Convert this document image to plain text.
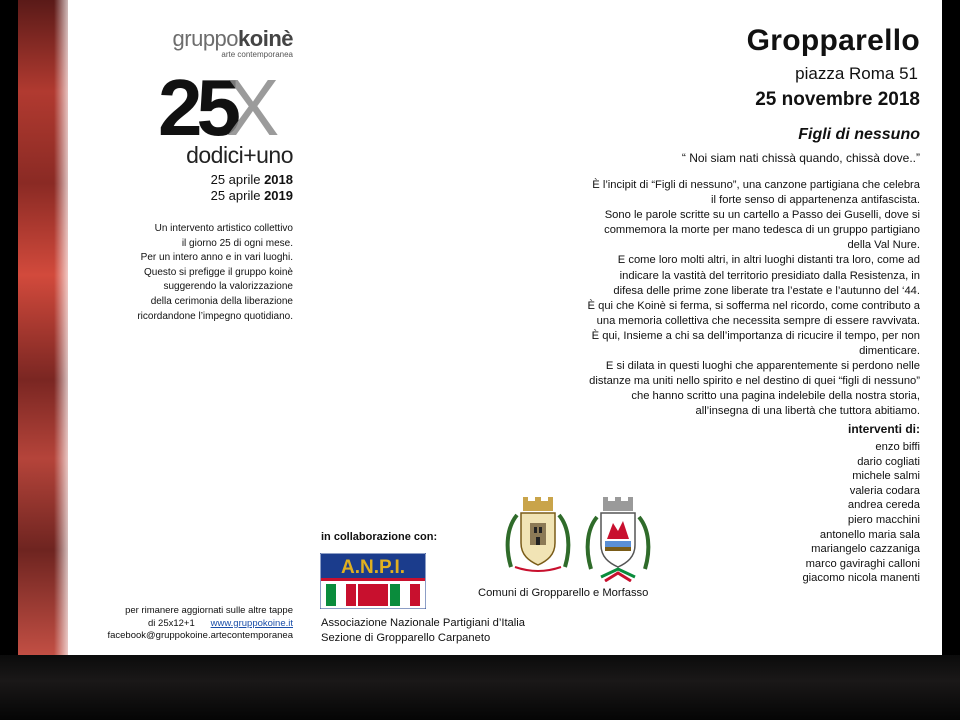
gruppokoinè
arte contemporanea
25
X
dodici+uno
25 aprile 2018
25 aprile 2019
Un intervento artistico collettivo
il giorno 25 di ogni mese.
Per un intero anno e in vari luoghi.
Questo si prefigge il gruppo koinè
suggerendo la valorizzazione
della cerimonia della liberazione
ricordandone l’impegno quotidiano.
per rimanere aggiornati sulle altre tappe
di 25x12+1 www.gruppokoine.it
facebook@gruppokoine.artecontemporanea
Gropparello
piazza Roma 51
25 novembre 2018
Figli di nessuno
“ Noi siam nati chissà quando, chissà dove..”
È l’incipit di “Figli di nessuno”, una canzone partigiana che celebra
il forte senso di appartenenza antifascista.
Sono le parole scritte su un cartello a Passo dei Guselli, dove si
commemora la morte per mano tedesca di un gruppo partigiano
della Val Nure.
E come loro molti altri, in altri luoghi distanti tra loro, come ad
indicare la vastità del territorio presidiato dalla Resistenza, in
difesa delle prime zone liberate tra l’estate e l’autunno del ‘44.
È qui che Koinè si ferma, si sofferma nel ricordo, come contributo a
una memoria collettiva che necessita sempre di essere ravvivata.
È qui, Insieme a chi sa dell’importanza di ricucire il tempo, per non
dimenticare.
E si dilata in questi luoghi che apparentemente si perdono nelle
distanze ma uniti nello spirito e nel destino di quei “figli di nessuno”
che hanno scritto una pagina indelebile della nostra storia,
all’insegna di una libertà che tuttora abitiamo.
interventi di:
enzo biffi
dario cogliati
michele salmi
valeria codara
andrea cereda
piero macchini
antonello maria sala
mariangelo cazzaniga
marco gaviraghi calloni
giacomo nicola manenti
in collaborazione con:
A.N.P.I.
Associazione Nazionale Partigiani d’Italia
Sezione di Gropparello Carpaneto
Comuni di Gropparello e Morfasso
